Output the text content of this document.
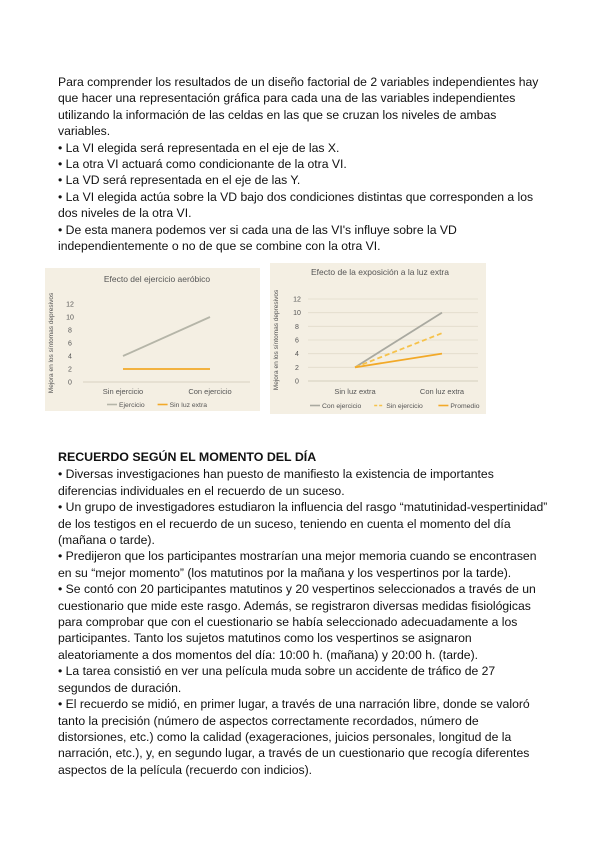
Para comprender los resultados de un diseño factorial de 2 variables independientes hay que hacer una representación gráfica para cada una de las variables independientes utilizando la información de las celdas en las que se cruzan los niveles de ambas variables.

• La VI elegida será representada en el eje de las X.

• La otra VI actuará como condicionante de la otra VI.

• La VD será representada en el eje de las Y.

• La VI elegida actúa sobre la VD bajo dos condiciones distintas que corresponden a los dos niveles de la otra VI.

• De esta manera podemos ver si cada una de las VI's influye sobre la VD independientemente o no de que se combine con la otra VI.

Efecto del ejercicio aeróbico
Mejora en los síntomas depresivos 0
2
4
6
8
10
12
Sin ejercicio	Con ejercicio
Ejercicio	Sin luz extra
Efecto de la exposición a la luz extra
Mejora en los síntomas depresivos 0
2
4
6
8
10
12
Sin luz extra	Con luz extra
Con ejercicio	Sin ejercicio	Promedio

RECUERDO SEGÚN EL MOMENTO DEL DÍA

• Diversas investigaciones han puesto de manifiesto la existencia de importantes diferencias individuales en el recuerdo de un suceso.

• Un grupo de investigadores estudiaron la influencia del rasgo “matutinidad-vespertinidad” de los testigos en el recuerdo de un suceso, teniendo en cuenta el momento del día (mañana o tarde).

• Predijeron que los participantes mostrarían una mejor memoria cuando se encontrasen en su “mejor momento” (los matutinos por la mañana y los vespertinos por la tarde).

• Se contó con 20 participantes matutinos y 20 vespertinos seleccionados a través de un cuestionario que mide este rasgo. Además, se registraron diversas medidas fisiológicas para comprobar que con el cuestionario se había seleccionado adecuadamente a los participantes. Tanto los sujetos matutinos como los vespertinos se asignaron aleatoriamente a dos momentos del día: 10:00 h. (mañana) y 20:00 h. (tarde).

• La tarea consistió en ver una película muda sobre un accidente de tráfico de 27 segundos de duración.

• El recuerdo se midió, en primer lugar, a través de una narración libre, donde se valoró tanto la precisión (número de aspectos correctamente recordados, número de distorsiones, etc.) como la calidad (exageraciones, juicios personales, longitud de la narración, etc.), y, en segundo lugar, a través de un cuestionario que recogía diferentes aspectos de la película (recuerdo con indicios).
